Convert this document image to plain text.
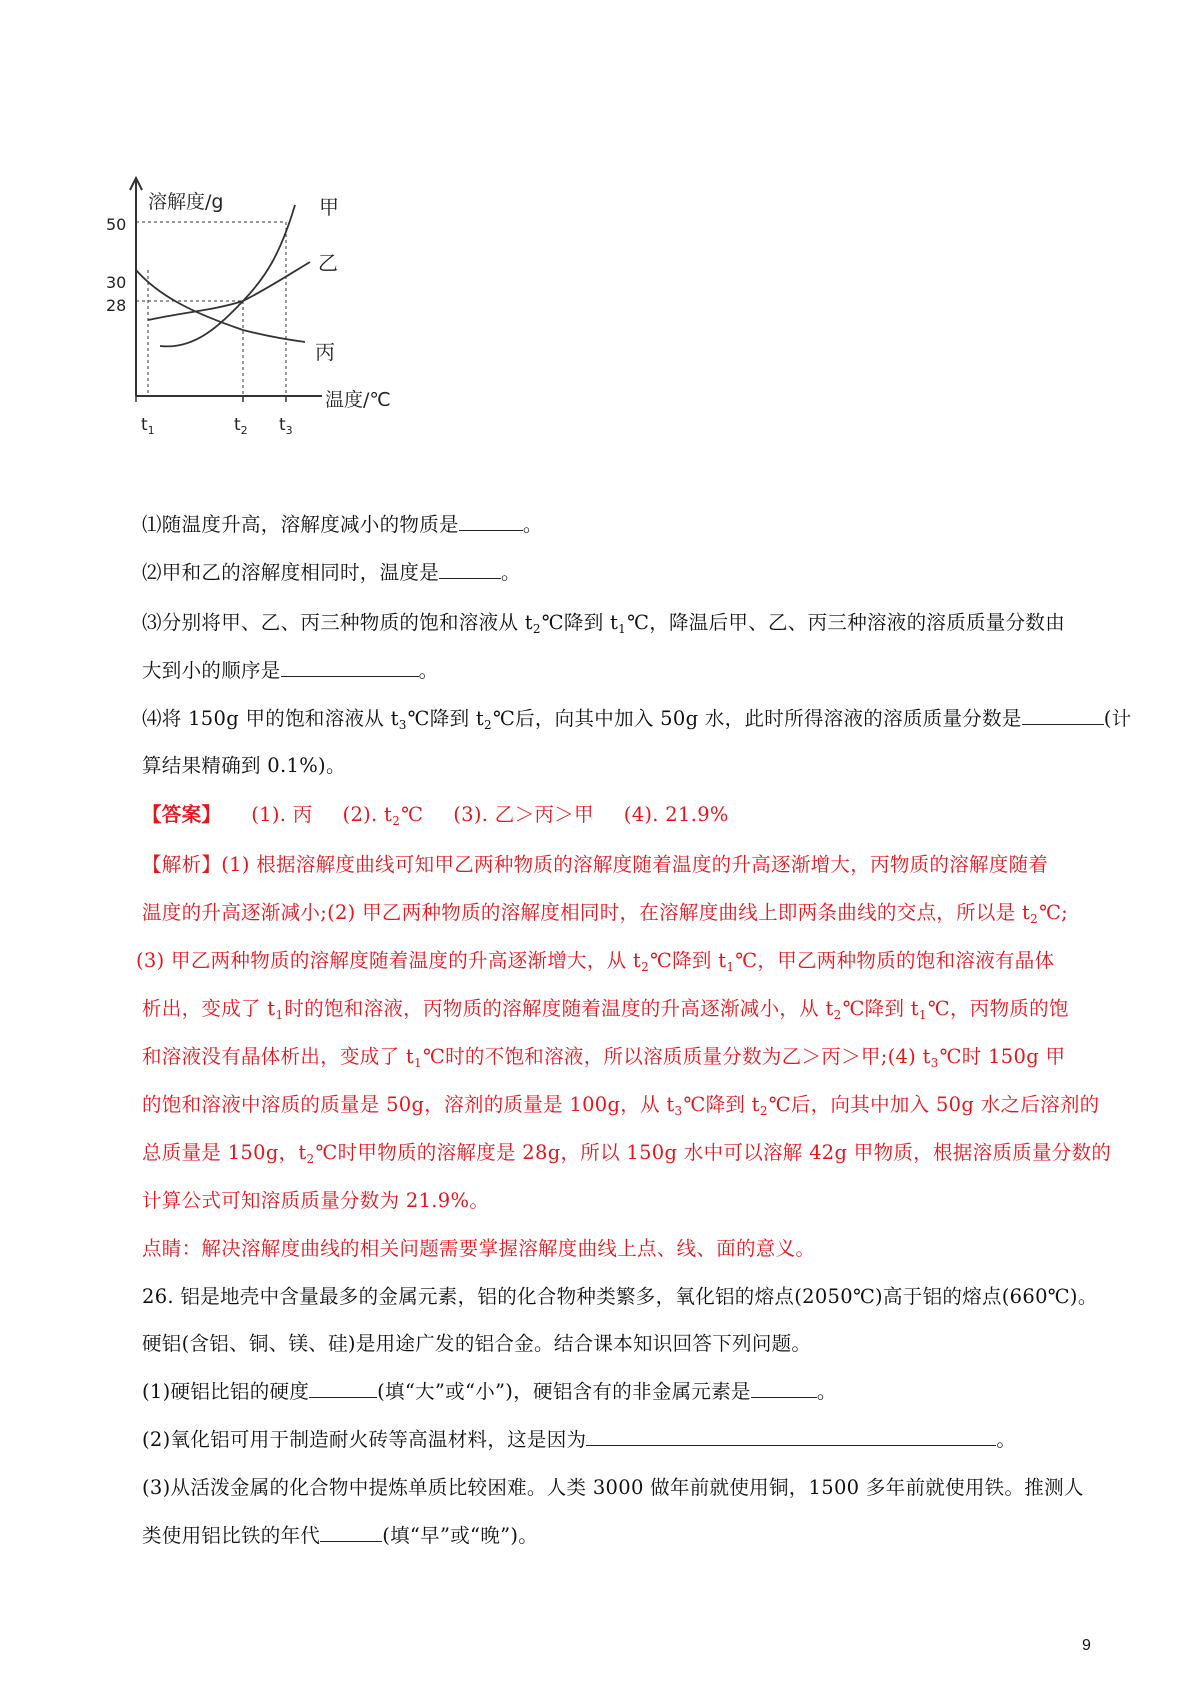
溶解度/g
50
30
28
甲
乙
丙
温度/℃
$t_1$	$t_2$ $t_3$
⑴随温度升高，溶解度减小的物质是	。
⑵甲和乙的溶解度相同时，温度是	。
⑶分别将甲、乙、丙三种物质的饱和溶液从 $t_2℃$降到 $t_1℃$，降温后甲、乙、丙三种溶液的溶质质量分数由
大到小的顺序是	。
⑷将 150g 甲的饱和溶液从 $t_3℃$降到 $t_2℃$后，向其中加入 50g 水，此时所得溶液的溶质质量分数是	(计
算结果精确到 0.1%)。
【答案】 (1). 丙 (2). $t_2℃$ (3). 乙＞丙＞甲 (4). 21.9%
【解析】(1) 根据溶解度曲线可知甲乙两种物质的溶解度随着温度的升高逐渐增大，丙物质的溶解度随着
温度的升高逐渐减小;(2) 甲乙两种物质的溶解度相同时，在溶解度曲线上即两条曲线的交点，所以是 $t_2℃$;
(3) 甲乙两种物质的溶解度随着温度的升高逐渐增大，从 $t_2℃$降到 $t_1℃$，甲乙两种物质的饱和溶液有晶体
析出，变成了 $t_1$时的饱和溶液，丙物质的溶解度随着温度的升高逐渐减小，从 $t_2℃$降到 $t_1℃$，丙物质的饱
和溶液没有晶体析出，变成了 $t_1℃$时的不饱和溶液，所以溶质质量分数为乙＞丙＞甲;(4) $t_3℃$时 150g 甲
的饱和溶液中溶质的质量是 50g，溶剂的质量是 100g，从 $t_3℃$降到 $t_2℃$后，向其中加入 50g 水之后溶剂的
总质量是 150g，$t_2℃$时甲物质的溶解度是 28g，所以 150g 水中可以溶解 42g 甲物质，根据溶质质量分数的
计算公式可知溶质质量分数为 21.9%。
点睛：解决溶解度曲线的相关问题需要掌握溶解度曲线上点、线、面的意义。
26. 铝是地壳中含量最多的金属元素，铝的化合物种类繁多，氧化铝的熔点(2050℃)高于铝的熔点(660℃)。
硬铝(含铝、铜、镁、硅)是用途广发的铝合金。结合课本知识回答下列问题。
(1)硬铝比铝的硬度	(填“大”或“小”)，硬铝含有的非金属元素是	。
(2)氧化铝可用于制造耐火砖等高温材料，这是因为	。
(3)从活泼金属的化合物中提炼单质比较困难。人类 3000 做年前就使用铜，1500 多年前就使用铁。推测人
类使用铝比铁的年代	(填“早”或“晚”)。
9
